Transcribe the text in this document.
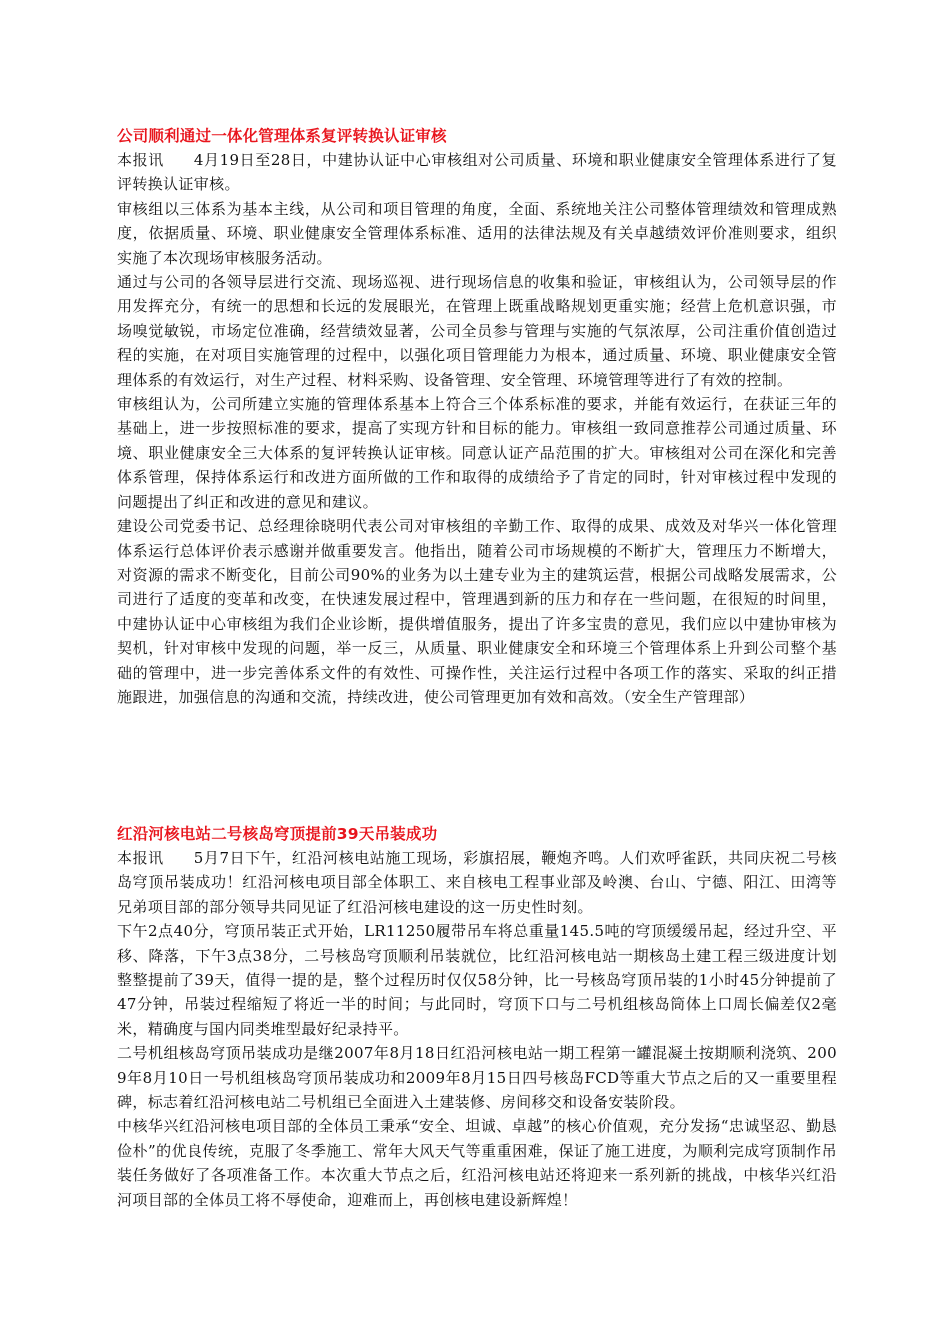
公司顺利通过一体化管理体系复评转换认证审核

本报讯 4月19日至28日，中建协认证中心审核组对公司质量、环境和职业健康安全管理体系进行了复评转换认证审核。

审核组以三体系为基本主线，从公司和项目管理的角度，全面、系统地关注公司整体管理绩效和管理成熟度，依据质量、环境、职业健康安全管理体系标准、适用的法律法规及有关卓越绩效评价准则要求，组织实施了本次现场审核服务活动。

通过与公司的各领导层进行交流、现场巡视、进行现场信息的收集和验证，审核组认为，公司领导层的作用发挥充分，有统一的思想和长远的发展眼光，在管理上既重战略规划更重实施；经营上危机意识强，市场嗅觉敏锐，市场定位准确，经营绩效显著，公司全员参与管理与实施的气氛浓厚，公司注重价值创造过程的实施，在对项目实施管理的过程中，以强化项目管理能力为根本，通过质量、环境、职业健康安全管理体系的有效运行，对生产过程、材料采购、设备管理、安全管理、环境管理等进行了有效的控制。

审核组认为，公司所建立实施的管理体系基本上符合三个体系标准的要求，并能有效运行，在获证三年的基础上，进一步按照标准的要求，提高了实现方针和目标的能力。审核组一致同意推荐公司通过质量、环境、职业健康安全三大体系的复评转换认证审核。同意认证产品范围的扩大。审核组对公司在深化和完善体系管理，保持体系运行和改进方面所做的工作和取得的成绩给予了肯定的同时，针对审核过程中发现的问题提出了纠正和改进的意见和建议。

建设公司党委书记、总经理徐晓明代表公司对审核组的辛勤工作、取得的成果、成效及对华兴一体化管理体系运行总体评价表示感谢并做重要发言。他指出，随着公司市场规模的不断扩大，管理压力不断增大，对资源的需求不断变化，目前公司90%的业务为以土建专业为主的建筑运营，根据公司战略发展需求，公司进行了适度的变革和改变，在快速发展过程中，管理遇到新的压力和存在一些问题，在很短的时间里，中建协认证中心审核组为我们企业诊断，提供增值服务，提出了许多宝贵的意见，我们应以中建协审核为契机，针对审核中发现的问题，举一反三，从质量、职业健康安全和环境三个管理体系上升到公司整个基础的管理中，进一步完善体系文件的有效性、可操作性，关注运行过程中各项工作的落实、采取的纠正措施跟进，加强信息的沟通和交流，持续改进，使公司管理更加有效和高效。（安全生产管理部）

红沿河核电站二号核岛穹顶提前39天吊装成功

本报讯 5月7日下午，红沿河核电站施工现场，彩旗招展，鞭炮齐鸣。人们欢呼雀跃，共同庆祝二号核岛穹顶吊装成功！红沿河核电项目部全体职工、来自核电工程事业部及岭澳、台山、宁德、阳江、田湾等兄弟项目部的部分领导共同见证了红沿河核电建设的这一历史性时刻。

下午2点40分，穹顶吊装正式开始，LR11250履带吊车将总重量145.5吨的穹顶缓缓吊起，经过升空、平移、降落，下午3点38分，二号核岛穹顶顺利吊装就位，比红沿河核电站一期核岛土建工程三级进度计划整整提前了39天，值得一提的是，整个过程历时仅仅58分钟，比一号核岛穹顶吊装的1小时45分钟提前了47分钟，吊装过程缩短了将近一半的时间；与此同时，穹顶下口与二号机组核岛筒体上口周长偏差仅2毫米，精确度与国内同类堆型最好纪录持平。

二号机组核岛穹顶吊装成功是继2007年8月18日红沿河核电站一期工程第一罐混凝土按期顺利浇筑、2009年8月10日一号机组核岛穹顶吊装成功和2009年8月15日四号核岛FCD等重大节点之后的又一重要里程碑，标志着红沿河核电站二号机组已全面进入土建装修、房间移交和设备安装阶段。

中核华兴红沿河核电项目部的全体员工秉承“安全、坦诚、卓越”的核心价值观，充分发扬“忠诚坚忍、勤恳俭朴”的优良传统，克服了冬季施工、常年大风天气等重重困难，保证了施工进度，为顺利完成穹顶制作吊装任务做好了各项准备工作。本次重大节点之后，红沿河核电站还将迎来一系列新的挑战，中核华兴红沿河项目部的全体员工将不辱使命，迎难而上，再创核电建设新辉煌！
